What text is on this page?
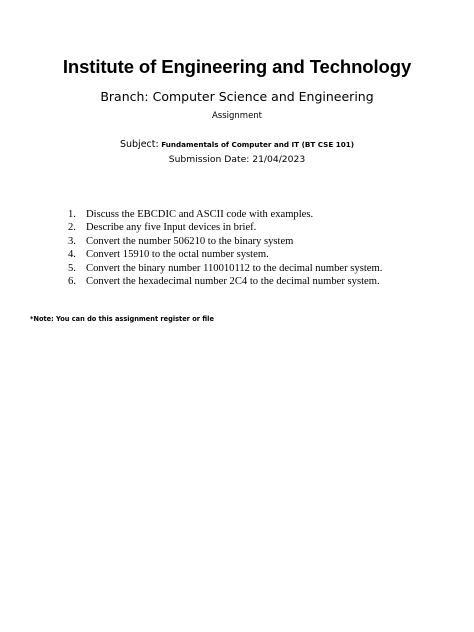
Institute of Engineering and Technology
Branch: Computer Science and Engineering
Assignment
Subject: Fundamentals of Computer and IT (BT CSE 101)
Submission Date: 21/04/2023
1. Discuss the EBCDIC and ASCII code with examples.
2. Describe any five Input devices in brief.
3. Convert the number 506210 to the binary system
4. Convert 15910 to the octal number system.
5. Convert the binary number 110010112 to the decimal number system.
6. Convert the hexadecimal number 2C4 to the decimal number system.
*Note: You can do this assignment register or file
